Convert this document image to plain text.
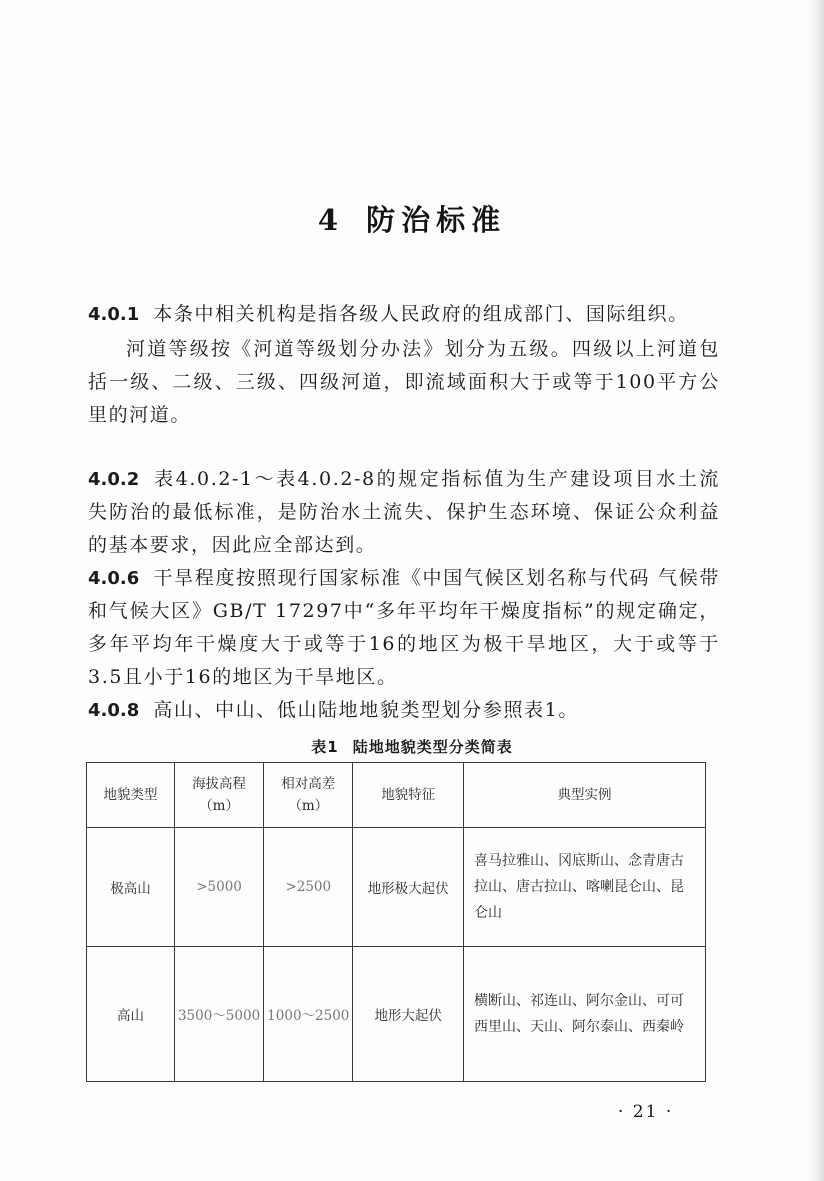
4 防治标准

4.0.1 本条中相关机构是指各级人民政府的组成部门、国际组织。

河道等级按《河道等级划分办法》划分为五级。四级以上河道包括一级、二级、三级、四级河道，即流域面积大于或等于100平方公里的河道。

4.0.2 表4.0.2-1～表4.0.2-8的规定指标值为生产建设项目水土流失防治的最低标准，是防治水土流失、保护生态环境、保证公众利益的基本要求，因此应全部达到。

4.0.6 干旱程度按照现行国家标准《中国气候区划名称与代码 气候带和气候大区》GB/T 17297中“多年平均年干燥度指标”的规定确定，多年平均年干燥度大于或等于16的地区为极干旱地区，大于或等于3.5且小于16的地区为干旱地区。

4.0.8 高山、中山、低山陆地地貌类型划分参照表1。

表1 陆地地貌类型分类简表
地貌类型	海拔高程（m）	相对高差（m）	地貌特征	典型实例
极高山	>5000	>2500	地形极大起伏	喜马拉雅山、冈底斯山、念青唐古拉山、唐古拉山、喀喇昆仑山、昆仑山
高山	3500～5000	1000～2500	地形大起伏	横断山、祁连山、阿尔金山、可可西里山、天山、阿尔泰山、西秦岭
· 21 ·
